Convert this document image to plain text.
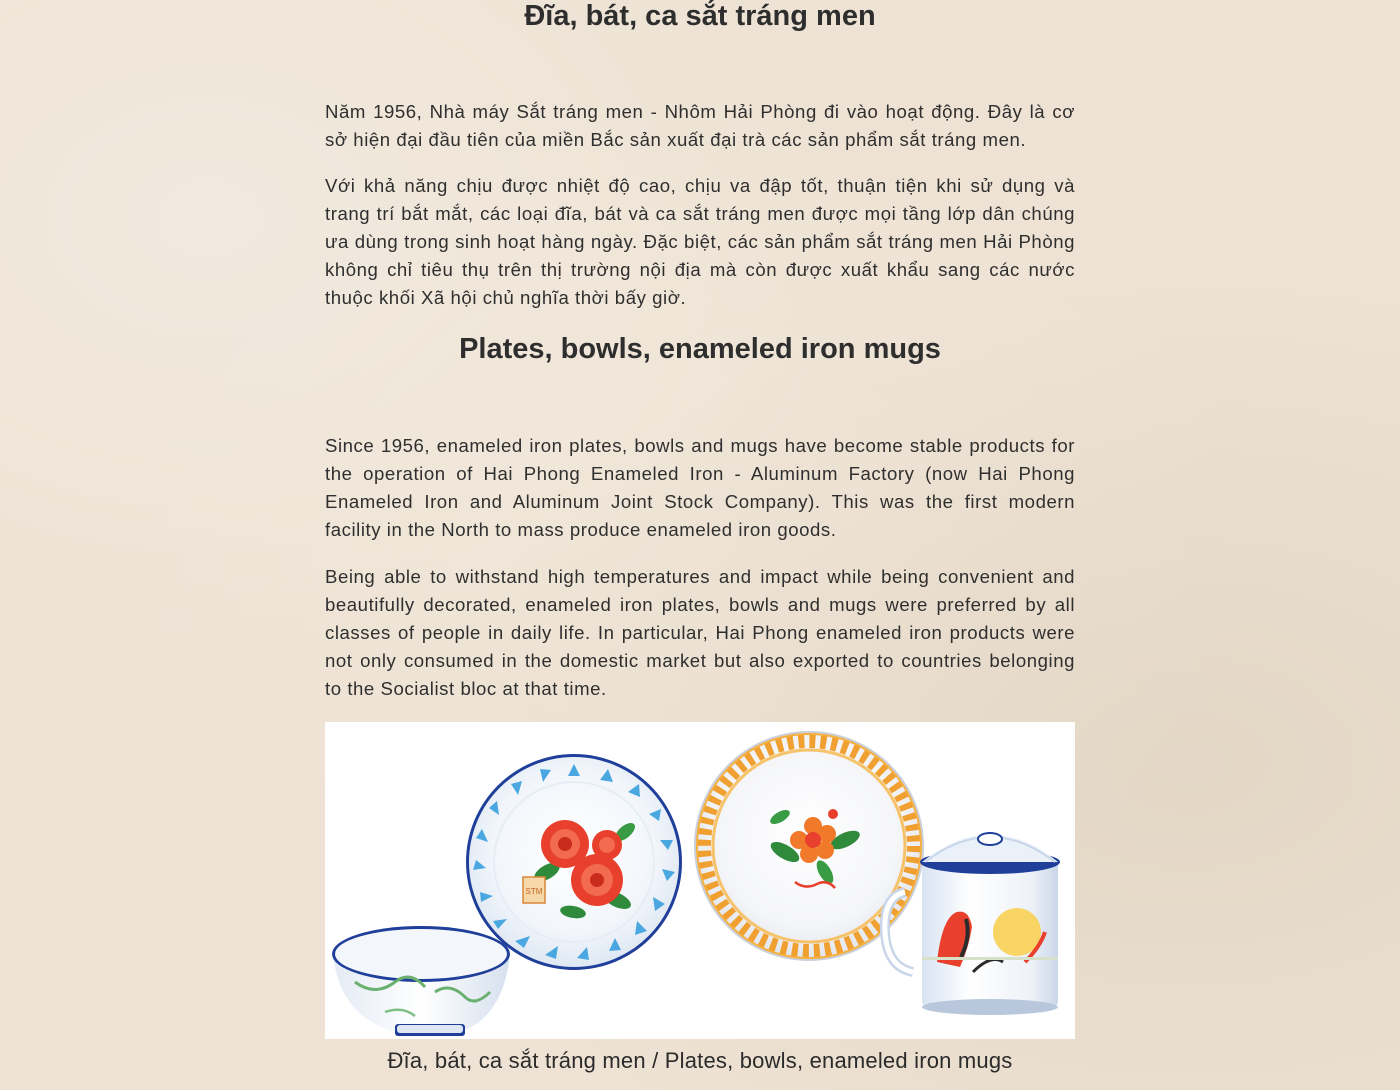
Đĩa, bát, ca sắt tráng men

Năm 1956, Nhà máy Sắt tráng men - Nhôm Hải Phòng đi vào hoạt động. Đây là cơ sở hiện đại đầu tiên của miền Bắc sản xuất đại trà các sản phẩm sắt tráng men.

Với khả năng chịu được nhiệt độ cao, chịu va đập tốt, thuận tiện khi sử dụng và trang trí bắt mắt, các loại đĩa, bát và ca sắt tráng men được mọi tầng lớp dân chúng ưa dùng trong sinh hoạt hàng ngày. Đặc biệt, các sản phẩm sắt tráng men Hải Phòng không chỉ tiêu thụ trên thị trường nội địa mà còn được xuất khẩu sang các nước thuộc khối Xã hội chủ nghĩa thời bấy giờ.

Plates, bowls, enameled iron mugs

Since 1956, enameled iron plates, bowls and mugs have become stable products for the operation of Hai Phong Enameled Iron - Aluminum Factory (now Hai Phong Enameled Iron and Aluminum Joint Stock Company). This was the first modern facility in the North to mass produce enameled iron goods.

Being able to withstand high temperatures and impact while being convenient and beautifully decorated, enameled iron plates, bowls and mugs were preferred by all classes of people in daily life. In particular, Hai Phong enameled iron products were not only consumed in the domestic market but also exported to countries belonging to the Socialist bloc at that time.

STM
Đĩa, bát, ca sắt tráng men / Plates, bowls, enameled iron mugs
